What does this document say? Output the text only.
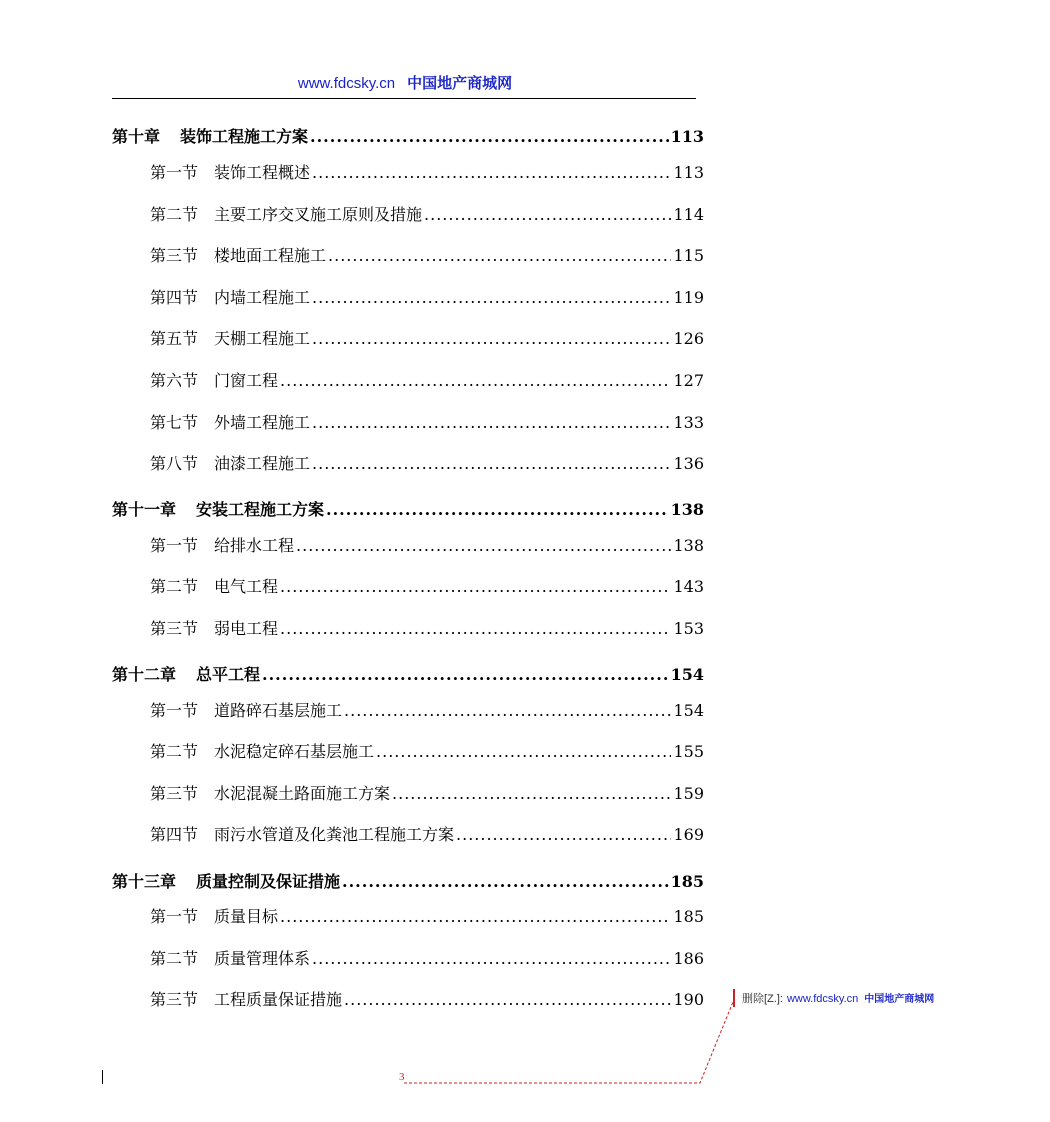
www.fdcsky.cn 中国地产商城网
第十章 装饰工程施工方案 .....	113
第一节 装饰工程概述 .....	113
第二节 主要工序交叉施工原则及措施 .....	114
第三节 楼地面工程施工 .....	115
第四节 内墙工程施工 .....	119
第五节 天棚工程施工 .....	126
第六节 门窗工程 .....	127
第七节 外墙工程施工 .....	133
第八节 油漆工程施工 .....	136
第十一章 安装工程施工方案 .....	138
第一节 给排水工程 .....	138
第二节 电气工程 .....	143
第三节 弱电工程 .....	153
第十二章 总平工程 .....	154
第一节 道路碎石基层施工 .....	154
第二节 水泥稳定碎石基层施工 .....	155
第三节 水泥混凝土路面施工方案 .....	159
第四节 雨污水管道及化粪池工程施工方案 .....	169
第十三章 质量控制及保证措施 .....	185
第一节 质量目标 .....	185
第二节 质量管理体系 .....	186
第三节 工程质量保证措施 .....	190	删除[Z.]: www.fdcsky.cn 中国地产商城网
3
